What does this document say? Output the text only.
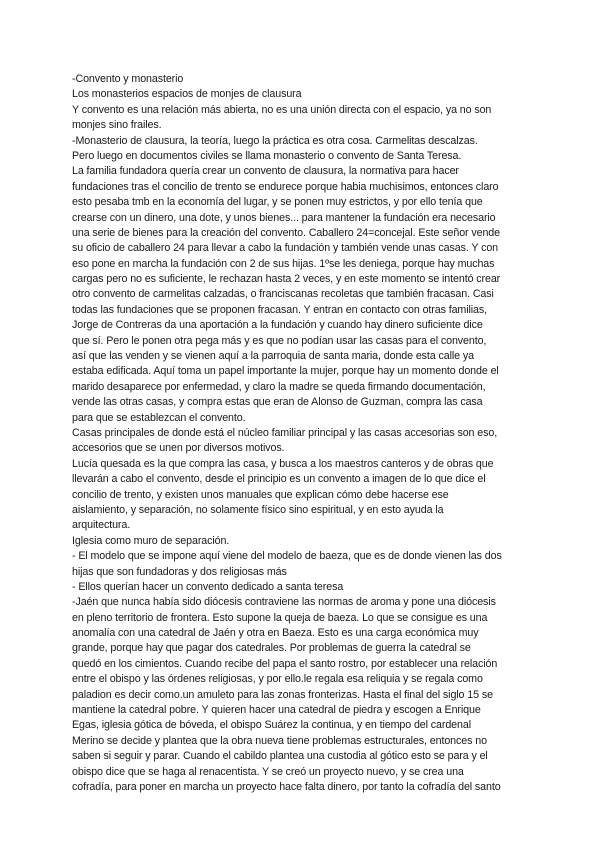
-Convento y monasterio
Los monasterios espacios de monjes de clausura
Y convento es una relación más abierta, no es una unión directa con el espacio, ya no son
monjes sino frailes.
-Monasterio de clausura, la teoría, luego la práctica es otra cosa. Carmelitas descalzas.
Pero luego en documentos civiles se llama monasterio o convento de Santa Teresa.
La familia fundadora quería crear un convento de clausura, la normativa para hacer
fundaciones tras el concilio de trento se endurece porque habia muchisimos, entonces claro
esto pesaba tmb en la economía del lugar, y se ponen muy estrictos, y por ello tenía que
crearse con un dinero, una dote, y unos bienes... para mantener la fundación era necesario
una serie de bienes para la creación del convento. Caballero 24=concejal. Este señor vende
su oficio de caballero 24 para llevar a cabo la fundación y también vende unas casas. Y con
eso pone en marcha la fundación con 2 de sus hijas. 1ºse les deniega, porque hay muchas
cargas pero no es suficiente, le rechazan hasta 2 veces, y en este momento se intentó crear
otro convento de carmelitas calzadas, o franciscanas recoletas que también fracasan. Casi
todas las fundaciones que se proponen fracasan. Y entran en contacto con otras familias,
Jorge de Contreras da una aportación a la fundación y cuando hay dinero suficiente dice
que sí. Pero le ponen otra pega más y es que no podían usar las casas para el convento,
así que las venden y se vienen aquí a la parroquia de santa maria, donde esta calle ya
estaba edificada. Aquí toma un papel importante la mujer, porque hay un momento donde el
marido desaparece por enfermedad, y claro la madre se queda firmando documentación,
vende las otras casas, y compra estas que eran de Alonso de Guzman, compra las casa
para que se establezcan el convento.
Casas principales de donde está el núcleo familiar principal y las casas accesorias son eso,
accesorios que se unen por diversos motivos.
Lucía quesada es la que compra las casa, y busca a los maestros canteros y de obras que
llevarán a cabo el convento, desde el principio es un convento a imagen de lo que dice el
concilio de trento, y existen unos manuales que explican cómo debe hacerse ese
aislamiento, y separación, no solamente físico sino espiritual, y en esto ayuda la
arquitectura.
Iglesia como muro de separación.
- El modelo que se impone aquí viene del modelo de baeza, que es de donde vienen las dos
hijas que son fundadoras y dos religiosas más
- Ellos querían hacer un convento dedicado a santa teresa
-Jaén que nunca había sido diócesis contraviene las normas de aroma y pone una diócesis
en pleno territorio de frontera. Esto supone la queja de baeza. Lo que se consigue es una
anomalía con una catedral de Jaén y otra en Baeza. Esto es una carga económica muy
grande, porque hay que pagar dos catedrales. Por problemas de guerra la catedral se
quedó en los cimientos. Cuando recibe del papa el santo rostro, por establecer una relación
entre el obispo y las órdenes religiosas, y por ello.le regala esa reliquia y se regala como
paladion es decir como.un amuleto para las zonas fronterizas. Hasta el final del siglo 15 se
mantiene la catedral pobre. Y quieren hacer una catedral de piedra y escogen a Enrique
Egas, iglesia gótica de bóveda, el obispo Suárez la continua, y en tiempo del cardenal
Merino se decide y plantea que la obra nueva tiene problemas estructurales, entonces no
saben si seguir y parar. Cuando el cabildo plantea una custodia al gótico esto se para y el
obispo dice que se haga al renacentista. Y se creó un proyecto nuevo, y se crea una
cofradía, para poner en marcha un proyecto hace falta dinero, por tanto la cofradía del santo
